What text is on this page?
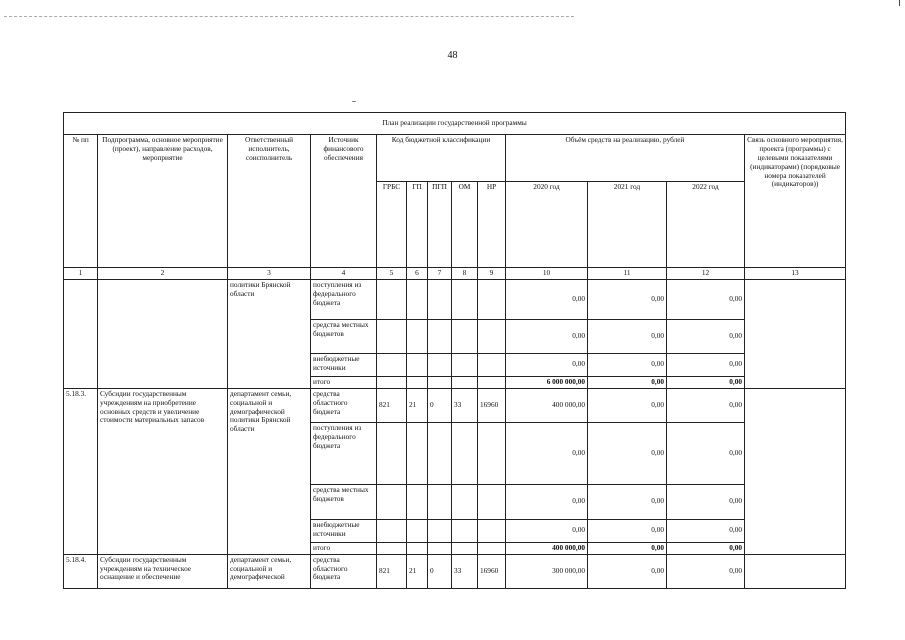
48
План реализации государственной программы												
№ пп	Подпрограмма, основное мероприятие (проект), направление расходов, мероприятие	Ответственный исполнитель, соисполнитель	Источник финансового обеспечения	Код бюджетной классификации					Объём средств на реализацию, рублей			Связь основного мероприятия, проекта (программы) с целевыми показателями (индикаторами) (порядковые номера показателей (индикаторов))
				ГРБС	ГП	ПГП	ОМ	НР	2020 год	2021 год	2022 год	
1	2	3	4	5	6	7	8	9	10	11	12	13
		политики Брянской области	поступления из федерального бюджета						0,00	0,00	0,00	
			средства местных бюджетов						0,00	0,00	0,00	
			внебюджетные источники						0,00	0,00	0,00	
			итого						6 000 000,00	0,00	0,00	
5.18.3.	Субсидии государственным учреждениям на приобретение основных средств и увеличение стоимости материальных запасов	департамент семьи, социальной и демографической политики Брянской области	средства областного бюджета	821	21	0	33	16960	400 000,00	0,00	0,00	
			поступления из федерального бюджета						0,00	0,00	0,00	
			средства местных бюджетов						0,00	0,00	0,00	
			внебюджетные источники						0,00	0,00	0,00	
			итого						400 000,00	0,00	0,00	
5.18.4.	Субсидии государственным учреждениям на техническое оснащение и обеспечение	департамент семьи, социальной и демографической	средства областного бюджета	821	21	0	33	16960	300 000,00	0,00	0,00	
